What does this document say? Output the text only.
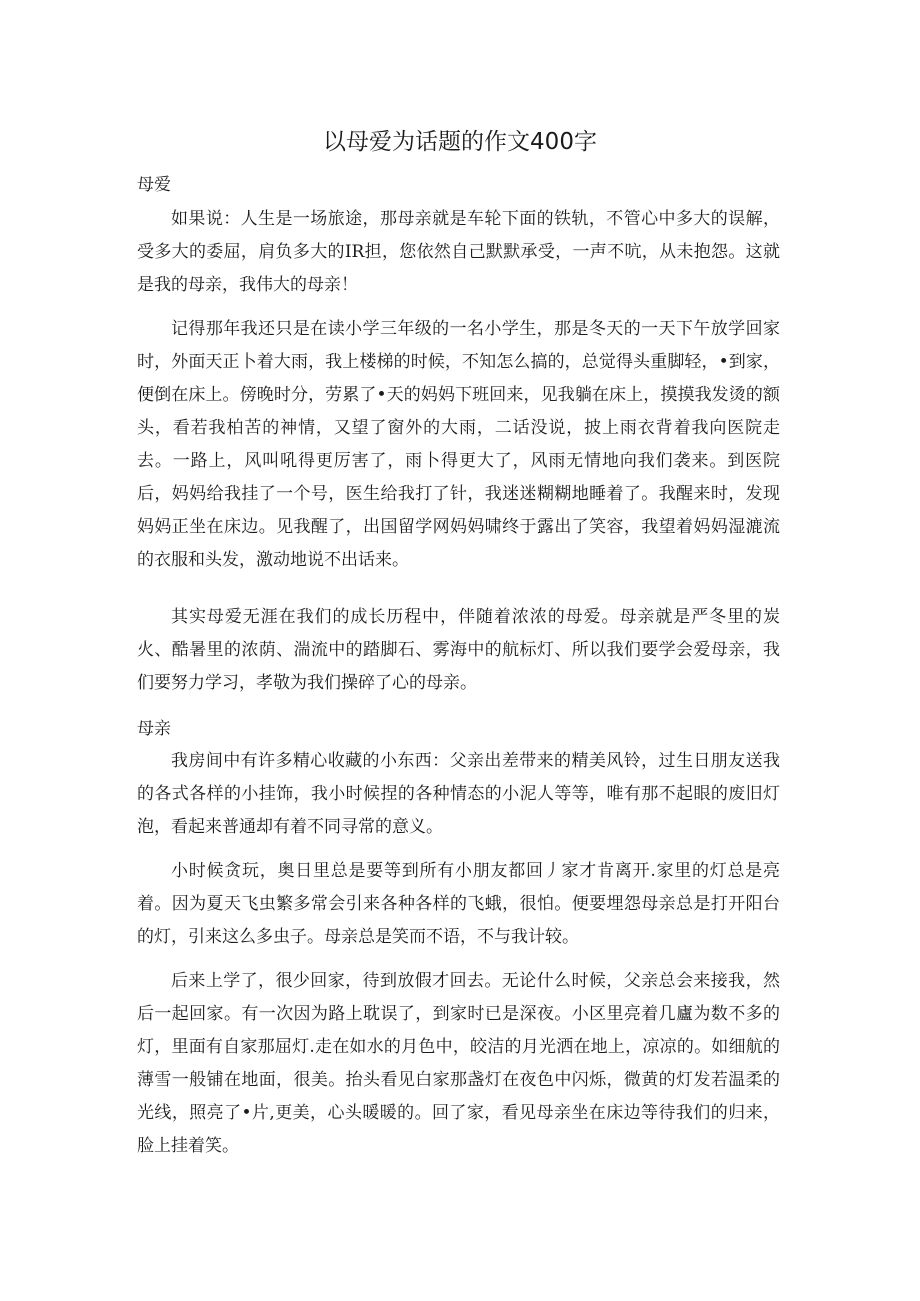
以母爱为话题的作文400字

母爱

如果说：人生是一场旅途，那母亲就是车轮下面的铁轨，不管心中多大的误解，受多大的委屈，肩负多大的IR担，您依然自己默默承受，一声不吭，从未抱怨。这就是我的母亲，我伟大的母亲！

记得那年我还只是在读小学三年级的一名小学生，那是冬天的一天下午放学回家时，外面天正卜着大雨，我上楼梯的时候，不知怎么搞的，总觉得头重脚轻，•到家，便倒在床上。傍晚时分，劳累了•天的妈妈下班回来，见我躺在床上，摸摸我发烫的额头，看若我柏苦的神情，又望了窗外的大雨，二话没说，披上雨衣背着我向医院走去。一路上，风叫吼得更厉害了，雨卜得更大了，风雨无情地向我们袭来。到医院后，妈妈给我挂了一个号，医生给我打了针，我迷迷糊糊地睡着了。我醒来时，发现妈妈正坐在床边。见我醒了，出国留学网妈妈啸终于露出了笑容，我望着妈妈湿漉流的衣服和头发，激动地说不出话来。

其实母爱无涯在我们的成长历程中，伴随着浓浓的母爱。母亲就是严冬里的炭火、酷暑里的浓荫、湍流中的踏脚石、雾海中的航标灯、所以我们要学会爱母亲，我们要努力学习，孝敬为我们操碎了心的母亲。

母亲

我房间中有许多精心收藏的小东西：父亲出差带来的精美风铃，过生日朋友送我的各式各样的小挂饰，我小时候捏的各种情态的小泥人等等，唯有那不起眼的废旧灯泡，看起来普通却有着不同寻常的意义。

小时候贪玩，奥日里总是要等到所有小朋友都回丿家才肯离开.家里的灯总是亮着。因为夏天飞虫繁多常会引来各种各样的飞蛾，很怕。便要埋怨母亲总是打开阳台的灯，引来这么多虫子。母亲总是笑而不语，不与我计较。

后来上学了，很少回家，待到放假才回去。无论什么时候，父亲总会来接我，然后一起回家。有一次因为路上耽误了，到家时已是深夜。小区里亮着几廬为数不多的灯，里面有自家那屈灯.走在如水的月色中，皎洁的月光洒在地上，凉凉的。如细航的薄雪一般铺在地面，很美。抬头看见白家那盏灯在夜色中闪烁，微黄的灯发若温柔的光线，照亮了•片,更美，心头暖暖的。回了家，看见母亲坐在床边等待我们的归来，脸上挂着笑。
